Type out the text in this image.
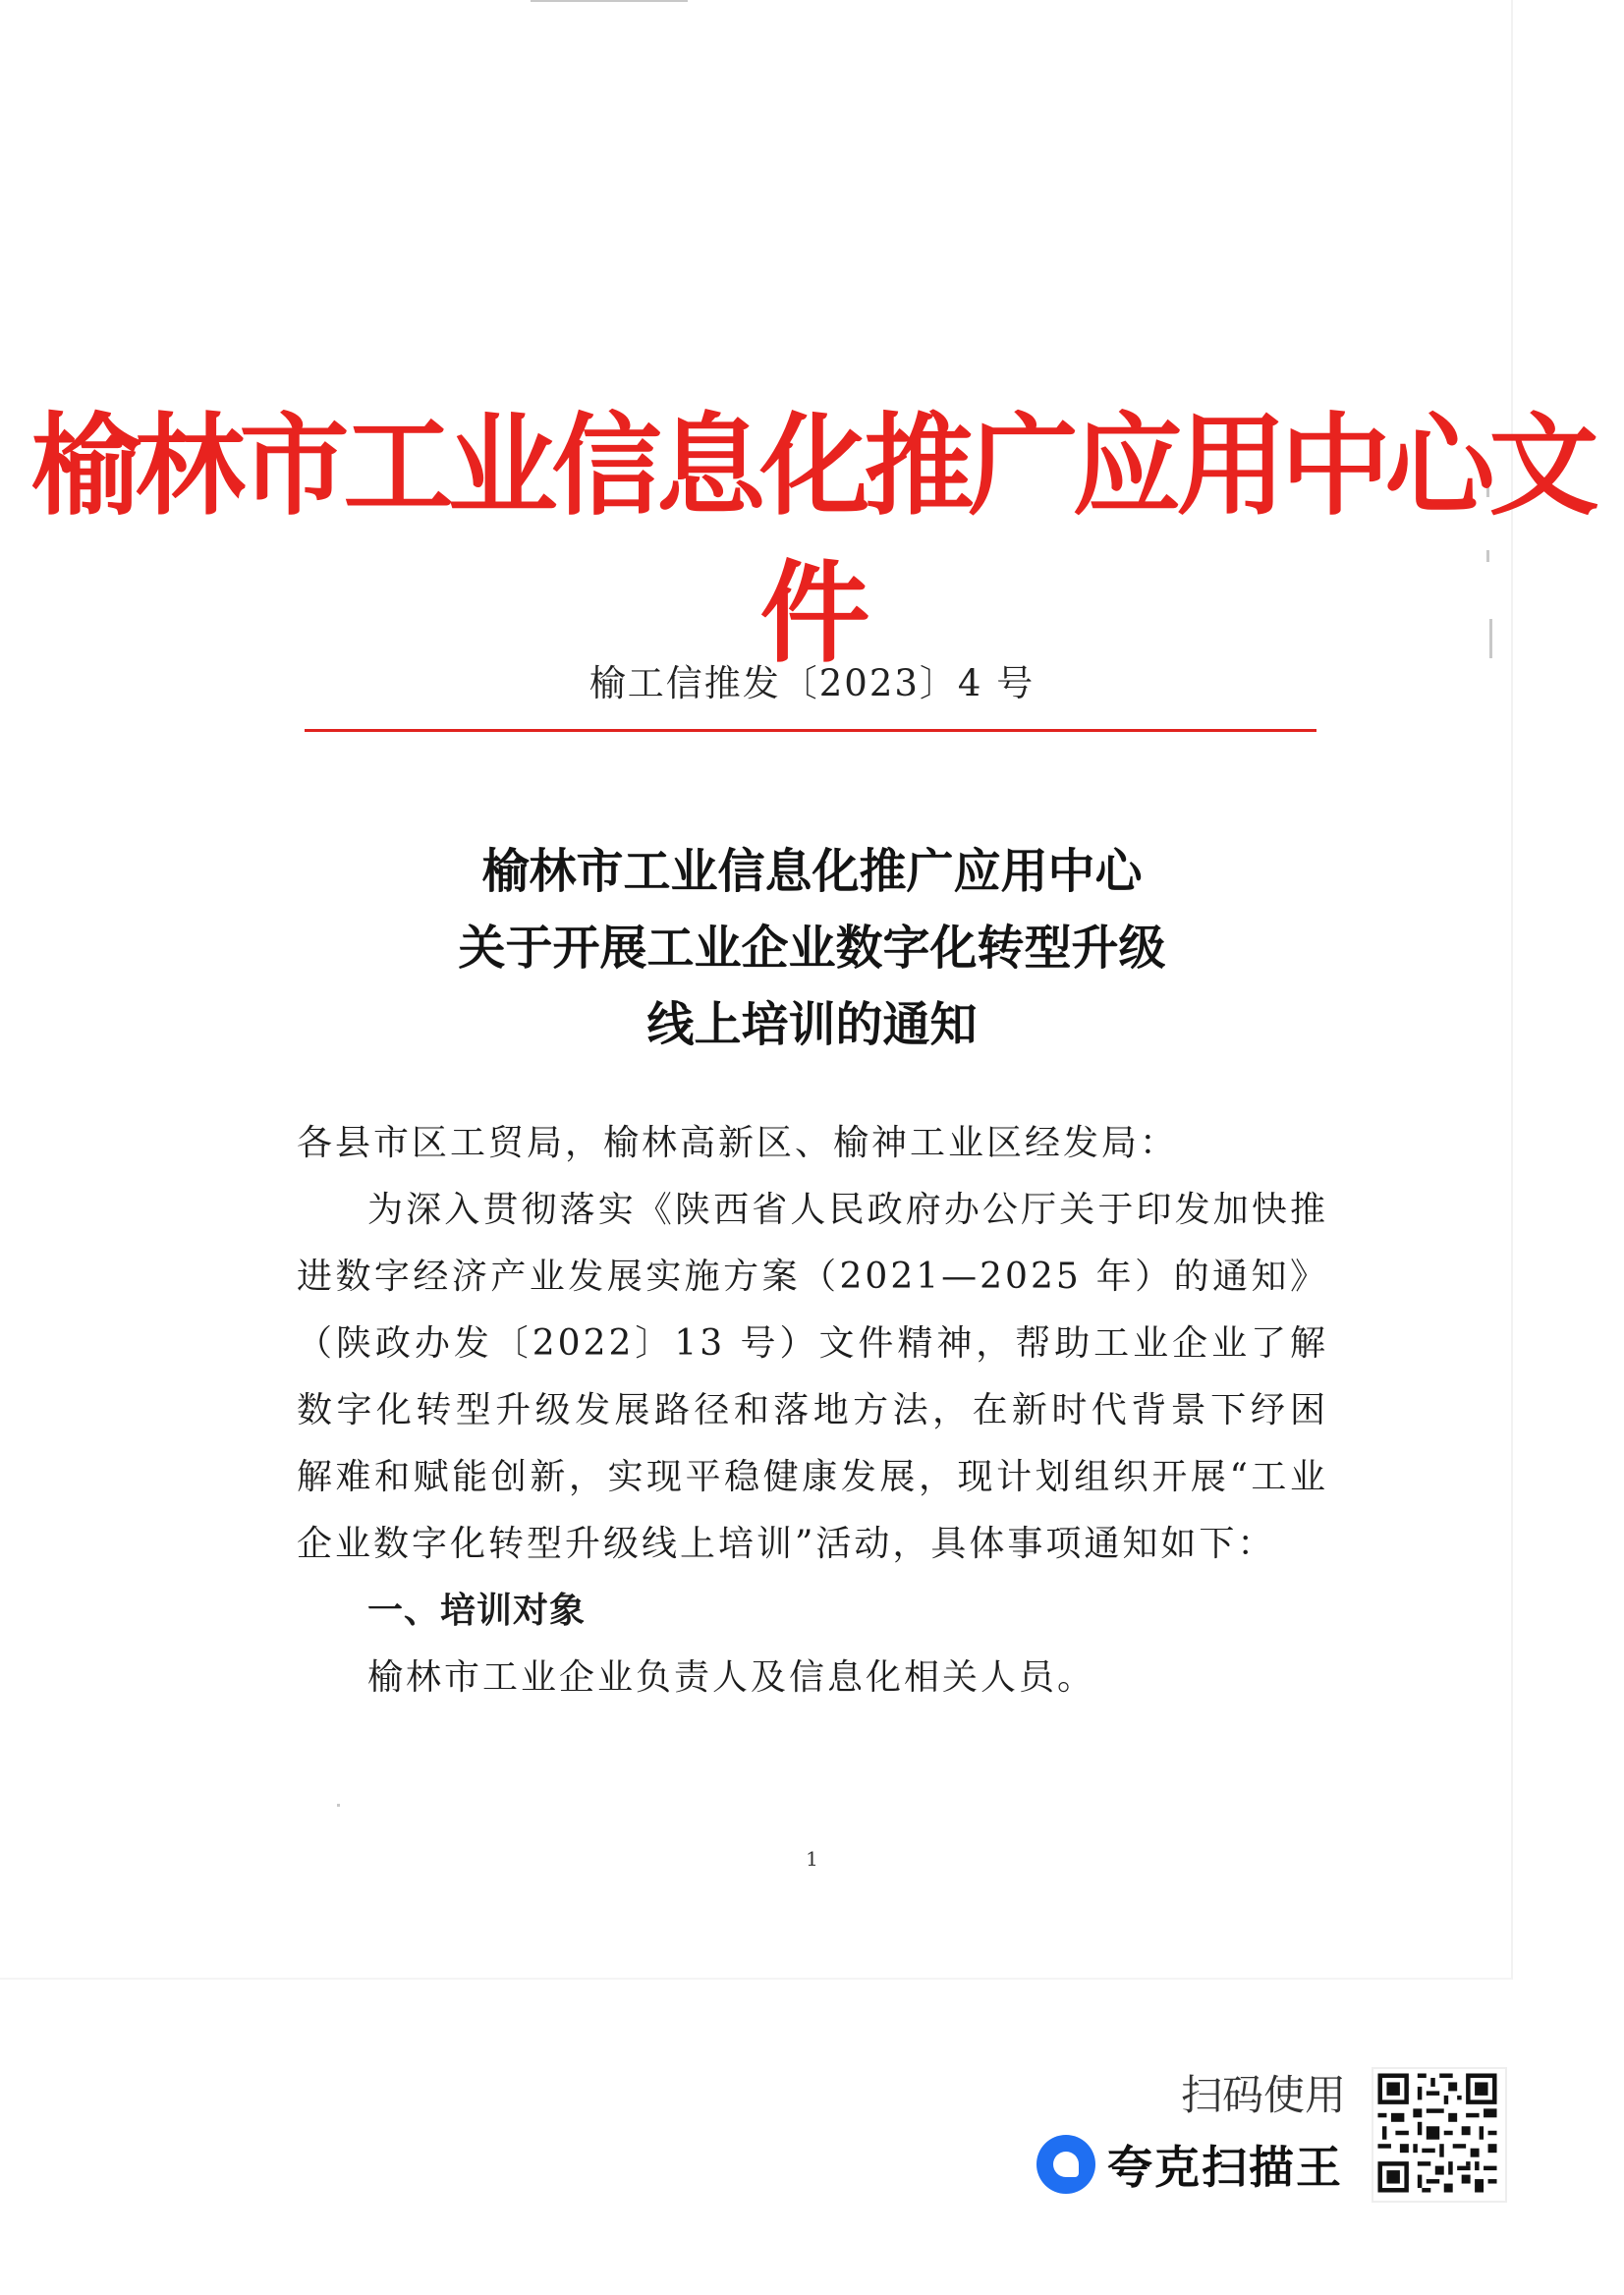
榆林市工业信息化推广应用中心文件
榆工信推发〔2023〕4 号
榆林市工业信息化推广应用中心
关于开展工业企业数字化转型升级
线上培训的通知

各县市区工贸局，榆林高新区、榆神工业区经发局：

为深入贯彻落实《陕西省人民政府办公厅关于印发加快推进数字经济产业发展实施方案（2021—2025 年）的通知》（陕政办发〔2022〕13 号）文件精神，帮助工业企业了解数字化转型升级发展路径和落地方法，在新时代背景下纾困解难和赋能创新，实现平稳健康发展，现计划组织开展“工业企业数字化转型升级线上培训”活动，具体事项通知如下：

一、培训对象

榆林市工业企业负责人及信息化相关人员。

1
扫码使用
夸克扫描王
